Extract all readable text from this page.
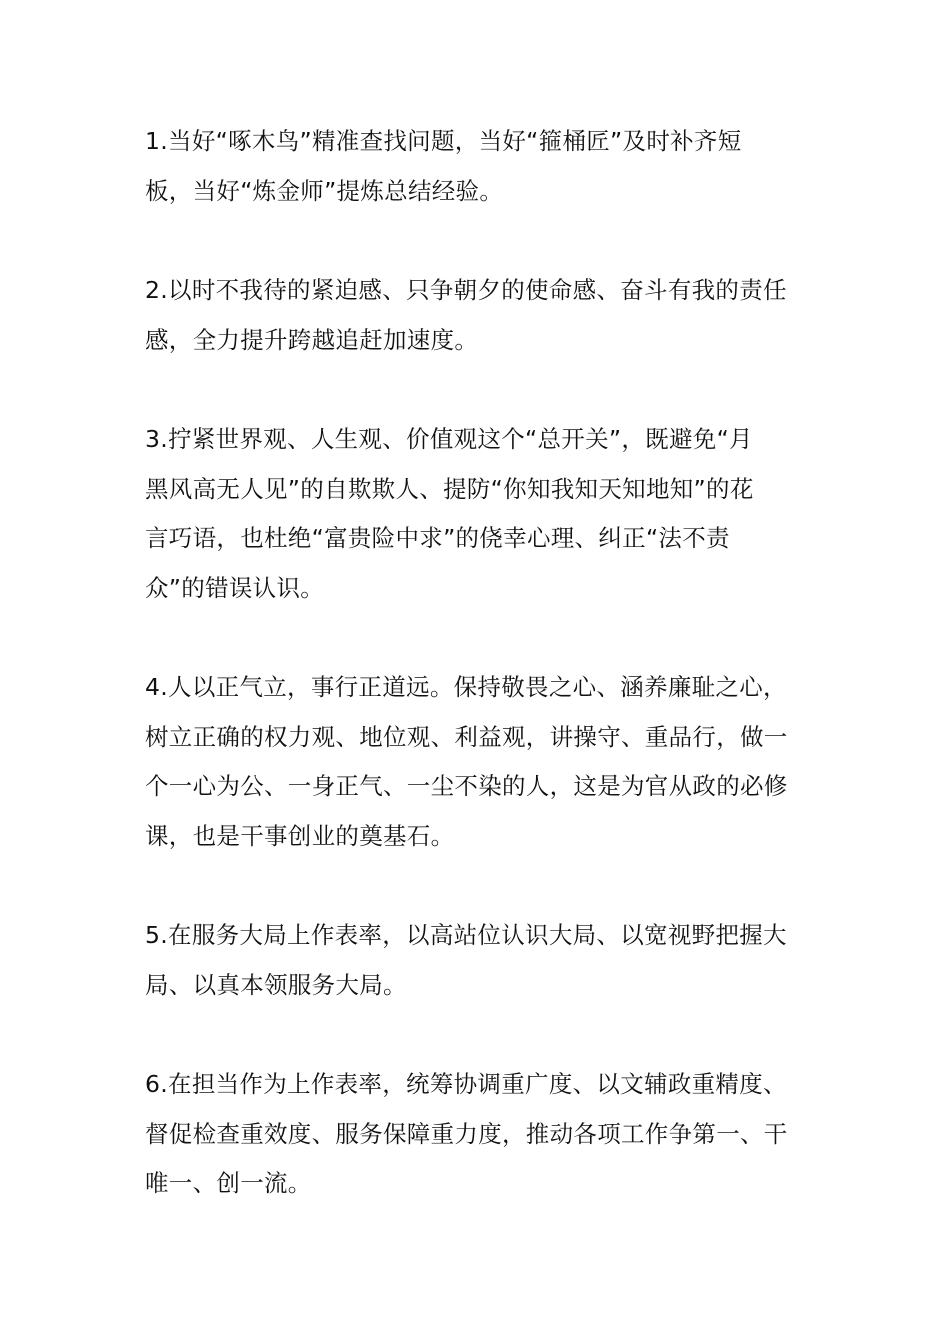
1.当好“啄木鸟”精准查找问题，当好“箍桶匠”及时补齐短
板，当好“炼金师”提炼总结经验。

2.以时不我待的紧迫感、只争朝夕的使命感、奋斗有我的责任
感，全力提升跨越追赶加速度。

3.拧紧世界观、人生观、价值观这个“总开关”，既避免“月
黑风高无人见”的自欺欺人、提防“你知我知天知地知”的花
言巧语，也杜绝“富贵险中求”的侥幸心理、纠正“法不责
众”的错误认识。

4.人以正气立，事行正道远。保持敬畏之心、涵养廉耻之心，
树立正确的权力观、地位观、利益观，讲操守、重品行，做一
个一心为公、一身正气、一尘不染的人，这是为官从政的必修
课，也是干事创业的奠基石。

5.在服务大局上作表率，以高站位认识大局、以宽视野把握大
局、以真本领服务大局。

6.在担当作为上作表率，统筹协调重广度、以文辅政重精度、
督促检查重效度、服务保障重力度，推动各项工作争第一、干
唯一、创一流。
